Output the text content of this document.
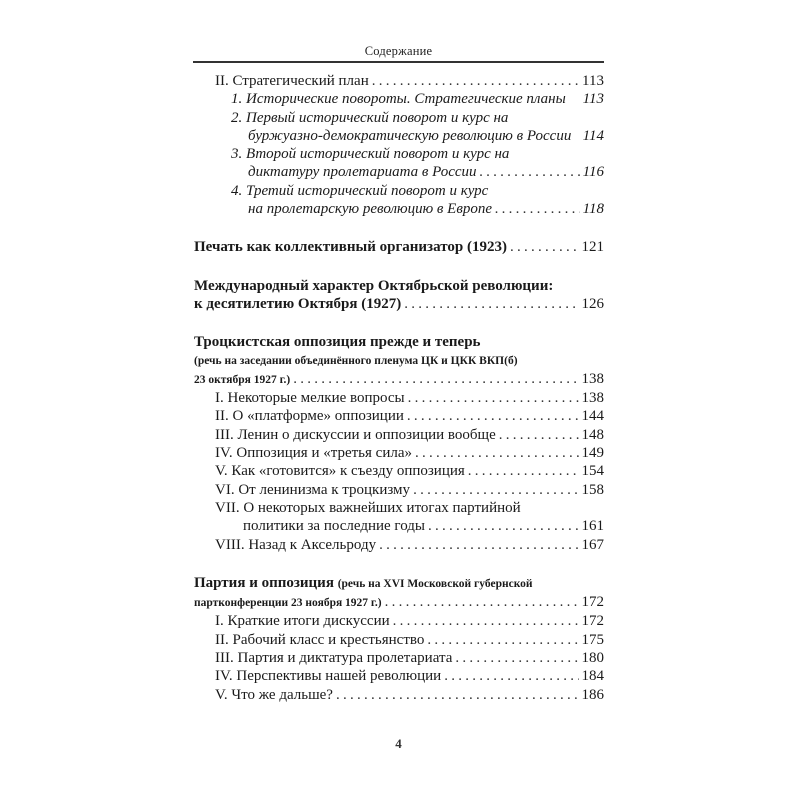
Содержание
II. Стратегический план . . .	113
1. Исторические повороты. Стратегические планы 113
2. Первый исторический поворот и курс на
буржуазно-демократическую революцию в России 114
3. Второй исторический поворот и курс на
диктатуру пролетариата в России . . .	116
4. Третий исторический поворот и курс
на пролетарскую революцию в Европе . . .	118
Печать как коллективный организатор (1923) . . .	121
Международный характер Октябрьской революции:
к десятилетию Октября (1927) . . .	126
Троцкистская оппозиция прежде и теперь
(речь на заседании объединённого пленума ЦК и ЦКК ВКП(б)
23 октября 1927 г.) . . .	138
I. Некоторые мелкие вопросы . . .	138
II. О «платформе» оппозиции . . .	144
III. Ленин о дискуссии и оппозиции вообще . . .	148
IV. Оппозиция и «третья сила» . . .	149
V. Как «готовится» к съезду оппозиция . . .	154
VI. От ленинизма к троцкизму . . .	158
VII. О некоторых важнейших итогах партийной
политики за последние годы . . .	161
VIII. Назад к Аксельроду . . .	167
Партия и оппозиция (речь на XVI Московской губернской
партконференции 23 ноября 1927 г.) . . .	172
I. Краткие итоги дискуссии . . .	172
II. Рабочий класс и крестьянство . . .	175
III. Партия и диктатура пролетариата . . .	180
IV. Перспективы нашей революции . . .	184
V. Что же дальше? . . .	186
4
